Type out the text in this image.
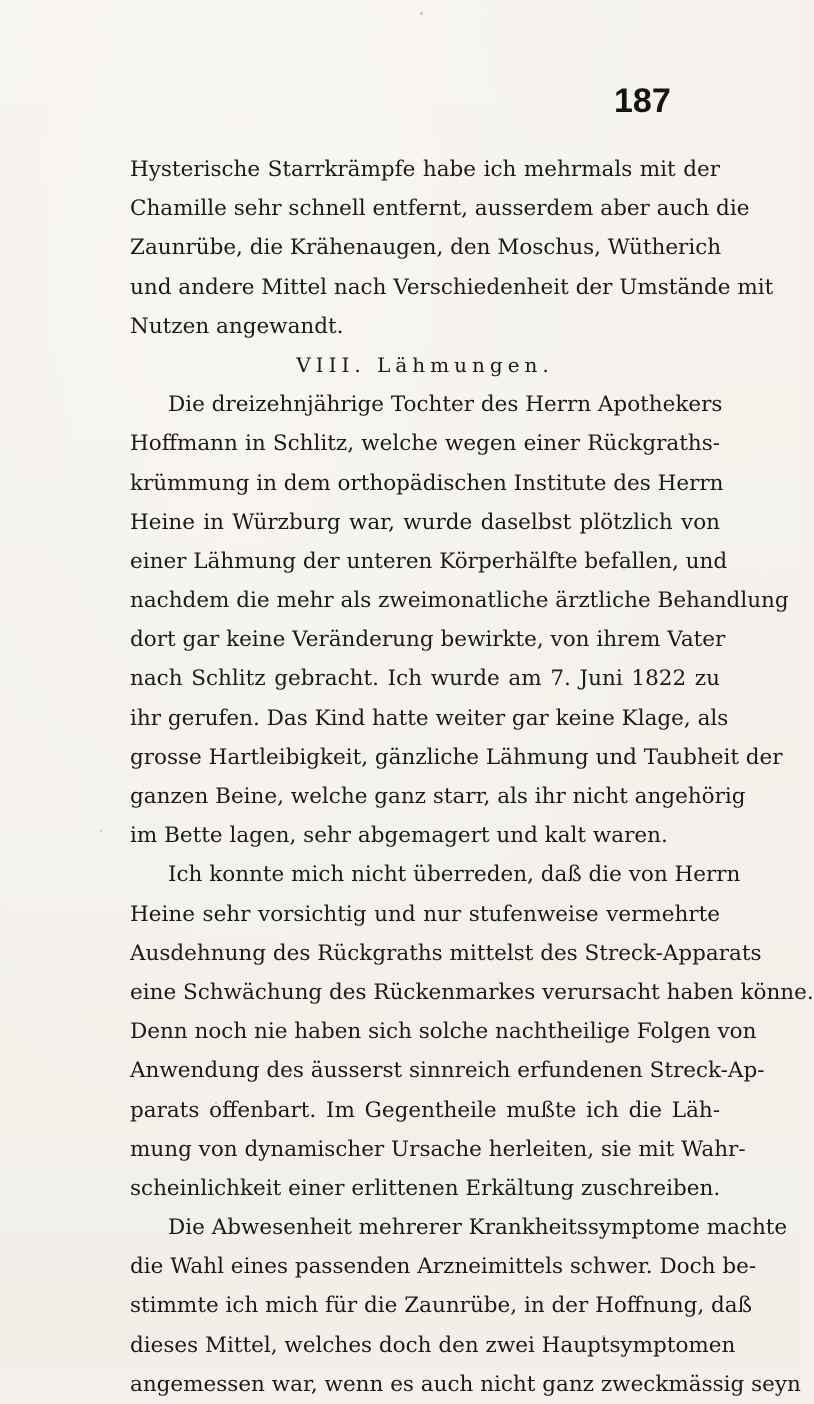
187
Hysterische Starrkrämpfe habe ich mehrmals mit der
Chamille sehr schnell entfernt, ausserdem aber auch die
Zaunrübe, die Krähenaugen, den Moschus, Wütherich
und andere Mittel nach Verschiedenheit der Umstände mit
Nutzen angewandt.
VIII. Lähmungen.
Die dreizehnjährige Tochter des Herrn Apothekers
Hoffmann in Schlitz, welche wegen einer Rückgraths-
krümmung in dem orthopädischen Institute des Herrn
Heine in Würzburg war, wurde daselbst plötzlich von
einer Lähmung der unteren Körperhälfte befallen, und
nachdem die mehr als zweimonatliche ärztliche Behandlung
dort gar keine Veränderung bewirkte, von ihrem Vater
nach Schlitz gebracht. Ich wurde am 7. Juni 1822 zu
ihr gerufen. Das Kind hatte weiter gar keine Klage, als
grosse Hartleibigkeit, gänzliche Lähmung und Taubheit der
ganzen Beine, welche ganz starr, als ihr nicht angehörig
im Bette lagen, sehr abgemagert und kalt waren.
Ich konnte mich nicht überreden, daß die von Herrn
Heine sehr vorsichtig und nur stufenweise vermehrte
Ausdehnung des Rückgraths mittelst des Streck-Apparats
eine Schwächung des Rückenmarkes verursacht haben könne.
Denn noch nie haben sich solche nachtheilige Folgen von
Anwendung des äusserst sinnreich erfundenen Streck-Ap-
parats offenbart. Im Gegentheile mußte ich die Läh-
mung von dynamischer Ursache herleiten, sie mit Wahr-
scheinlichkeit einer erlittenen Erkältung zuschreiben.
Die Abwesenheit mehrerer Krankheitssymptome machte
die Wahl eines passenden Arzneimittels schwer. Doch be-
stimmte ich mich für die Zaunrübe, in der Hoffnung, daß
dieses Mittel, welches doch den zwei Hauptsymptomen
angemessen war, wenn es auch nicht ganz zweckmässig seyn
